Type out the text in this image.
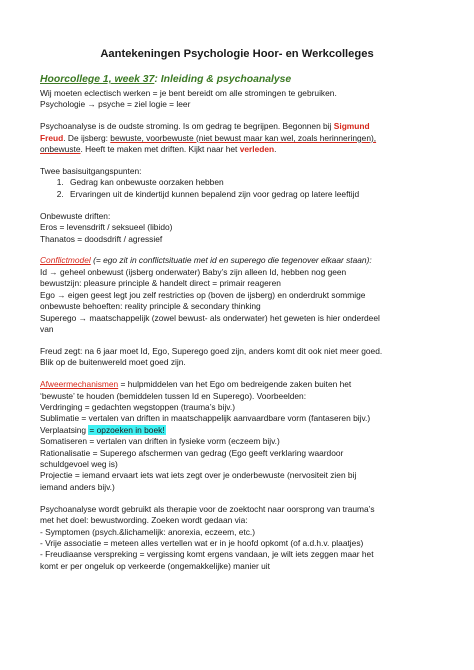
Aantekeningen Psychologie Hoor- en Werkcolleges
Hoorcollege 1, week 37: Inleiding & psychoanalyse

Wij moeten eclectisch werken = je bent bereidt om alle stromingen te gebruiken.

Psychologie → psyche = ziel logie = leer

Psychoanalyse is de oudste stroming. Is om gedrag te begrijpen. Begonnen bij Sigmund

Freud. De ijsberg: bewuste, voorbewuste (niet bewust maar kan wel, zoals herinneringen),

onbewuste. Heeft te maken met driften. Kijkt naar het verleden.

Twee basisuitgangspunten:

1. Gedrag kan onbewuste oorzaken hebben
2. Ervaringen uit de kindertijd kunnen bepalend zijn voor gedrag op latere leeftijd

Onbewuste driften:

Eros = levensdrift / seksueel (libido)

Thanatos = doodsdrift / agressief

Conflictmodel (= ego zit in conflictsituatie met id en superego die tegenover elkaar staan):

Id → geheel onbewust (ijsberg onderwater) Baby’s zijn alleen Id, hebben nog geen

bewustzijn: pleasure principle & handelt direct = primair reageren

Ego → eigen geest legt jou zelf restricties op (boven de ijsberg) en onderdrukt sommige

onbewuste behoeften: reality principle & secondary thinking

Superego → maatschappelijk (zowel bewust- als onderwater) het geweten is hier onderdeel

van

Freud zegt: na 6 jaar moet Id, Ego, Superego goed zijn, anders komt dit ook niet meer goed.

Blik op de buitenwereld moet goed zijn.

Afweermechanismen = hulpmiddelen van het Ego om bedreigende zaken buiten het

‘bewuste’ te houden (bemiddelen tussen Id en Superego). Voorbeelden:

Verdringing = gedachten wegstoppen (trauma’s bijv.)

Sublimatie = vertalen van driften in maatschappelijk aanvaardbare vorm (fantaseren bijv.)

Verplaatsing = opzoeken in boek!

Somatiseren = vertalen van driften in fysieke vorm (eczeem bijv.)

Rationalisatie = Superego afschermen van gedrag (Ego geeft verklaring waardoor

schuldgevoel weg is)

Projectie = iemand ervaart iets wat iets zegt over je onderbewuste (nervositeit zien bij

iemand anders bijv.)

Psychoanalyse wordt gebruikt als therapie voor de zoektocht naar oorsprong van trauma’s

met het doel: bewustwording. Zoeken wordt gedaan via:

- Symptomen (psych.&lichamelijk: anorexia, eczeem, etc.)

- Vrije associatie = meteen alles vertellen wat er in je hoofd opkomt (of a.d.h.v. plaatjes)

- Freudiaanse verspreking = vergissing komt ergens vandaan, je wilt iets zeggen maar het

komt er per ongeluk op verkeerde (ongemakkelijke) manier uit
